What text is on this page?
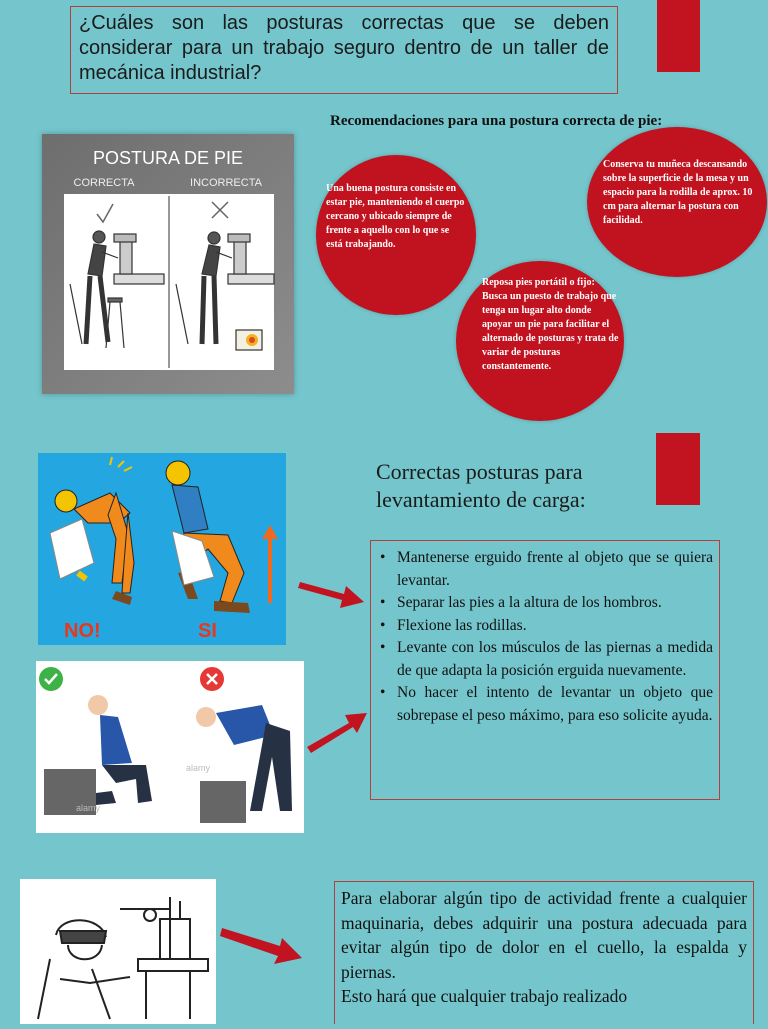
¿Cuáles son las posturas correctas que se deben considerar para un trabajo seguro dentro de un taller de mecánica industrial?
POSTURA DE PIE
CORRECTA	INCORRECTA
Recomendaciones para una postura correcta de pie:
Una buena postura consiste en estar pie, manteniendo el cuerpo cercano y ubicado siempre de frente a aquello con lo que se está trabajando.
Conserva tu muñeca descansando sobre la superficie de la mesa y un espacio para la rodilla de aprox. 10 cm para alternar la postura con facilidad.
Reposa pies portátil o fijo: Busca un puesto de trabajo que tenga un lugar alto donde apoyar un pie para facilitar el alternado de posturas y trata de variar de posturas constantemente.
Correctas posturas para levantamiento de carga:
NO!	SI
alamy
alamy
• Mantenerse erguido frente al objeto que se quiera levantar.
• Separar las pies a la altura de los hombros.
• Flexione las rodillas.
• Levante con los músculos de las piernas a medida de que adapta la posición erguida nuevamente.
• No hacer el intento de levantar un objeto que sobrepase el peso máximo, para eso solicite ayuda.

Para elaborar algún tipo de actividad frente a cualquier maquinaria, debes adquirir una postura adecuada para evitar algún tipo de dolor en el cuello, la espalda y piernas.

Esto hará que cualquier trabajo realizado
